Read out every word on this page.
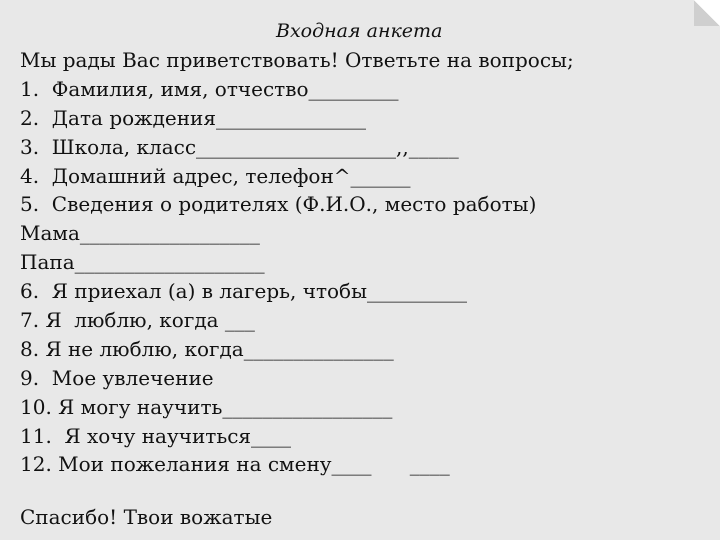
Входная анкета
Мы рады Вас приветствовать! Ответьте на вопросы;
1.  Фамилия, имя, отчество_________
2.  Дата рождения_______________
3.  Школа, класс____________________,,_____
4.  Домашний адрес, телефон^______
5.  Сведения о родителях (Ф.И.О., место работы)
Мама__________________
Папа___________________
6.  Я приехал (а) в лагерь, чтобы__________
7. Я  люблю, когда ___
8. Я не люблю, когда_______________
9.  Мое увлечение
10. Я могу научить_________________
11.  Я хочу научиться____
12. Мои пожелания на смену____      ____
Спасибо! Твои вожатые
